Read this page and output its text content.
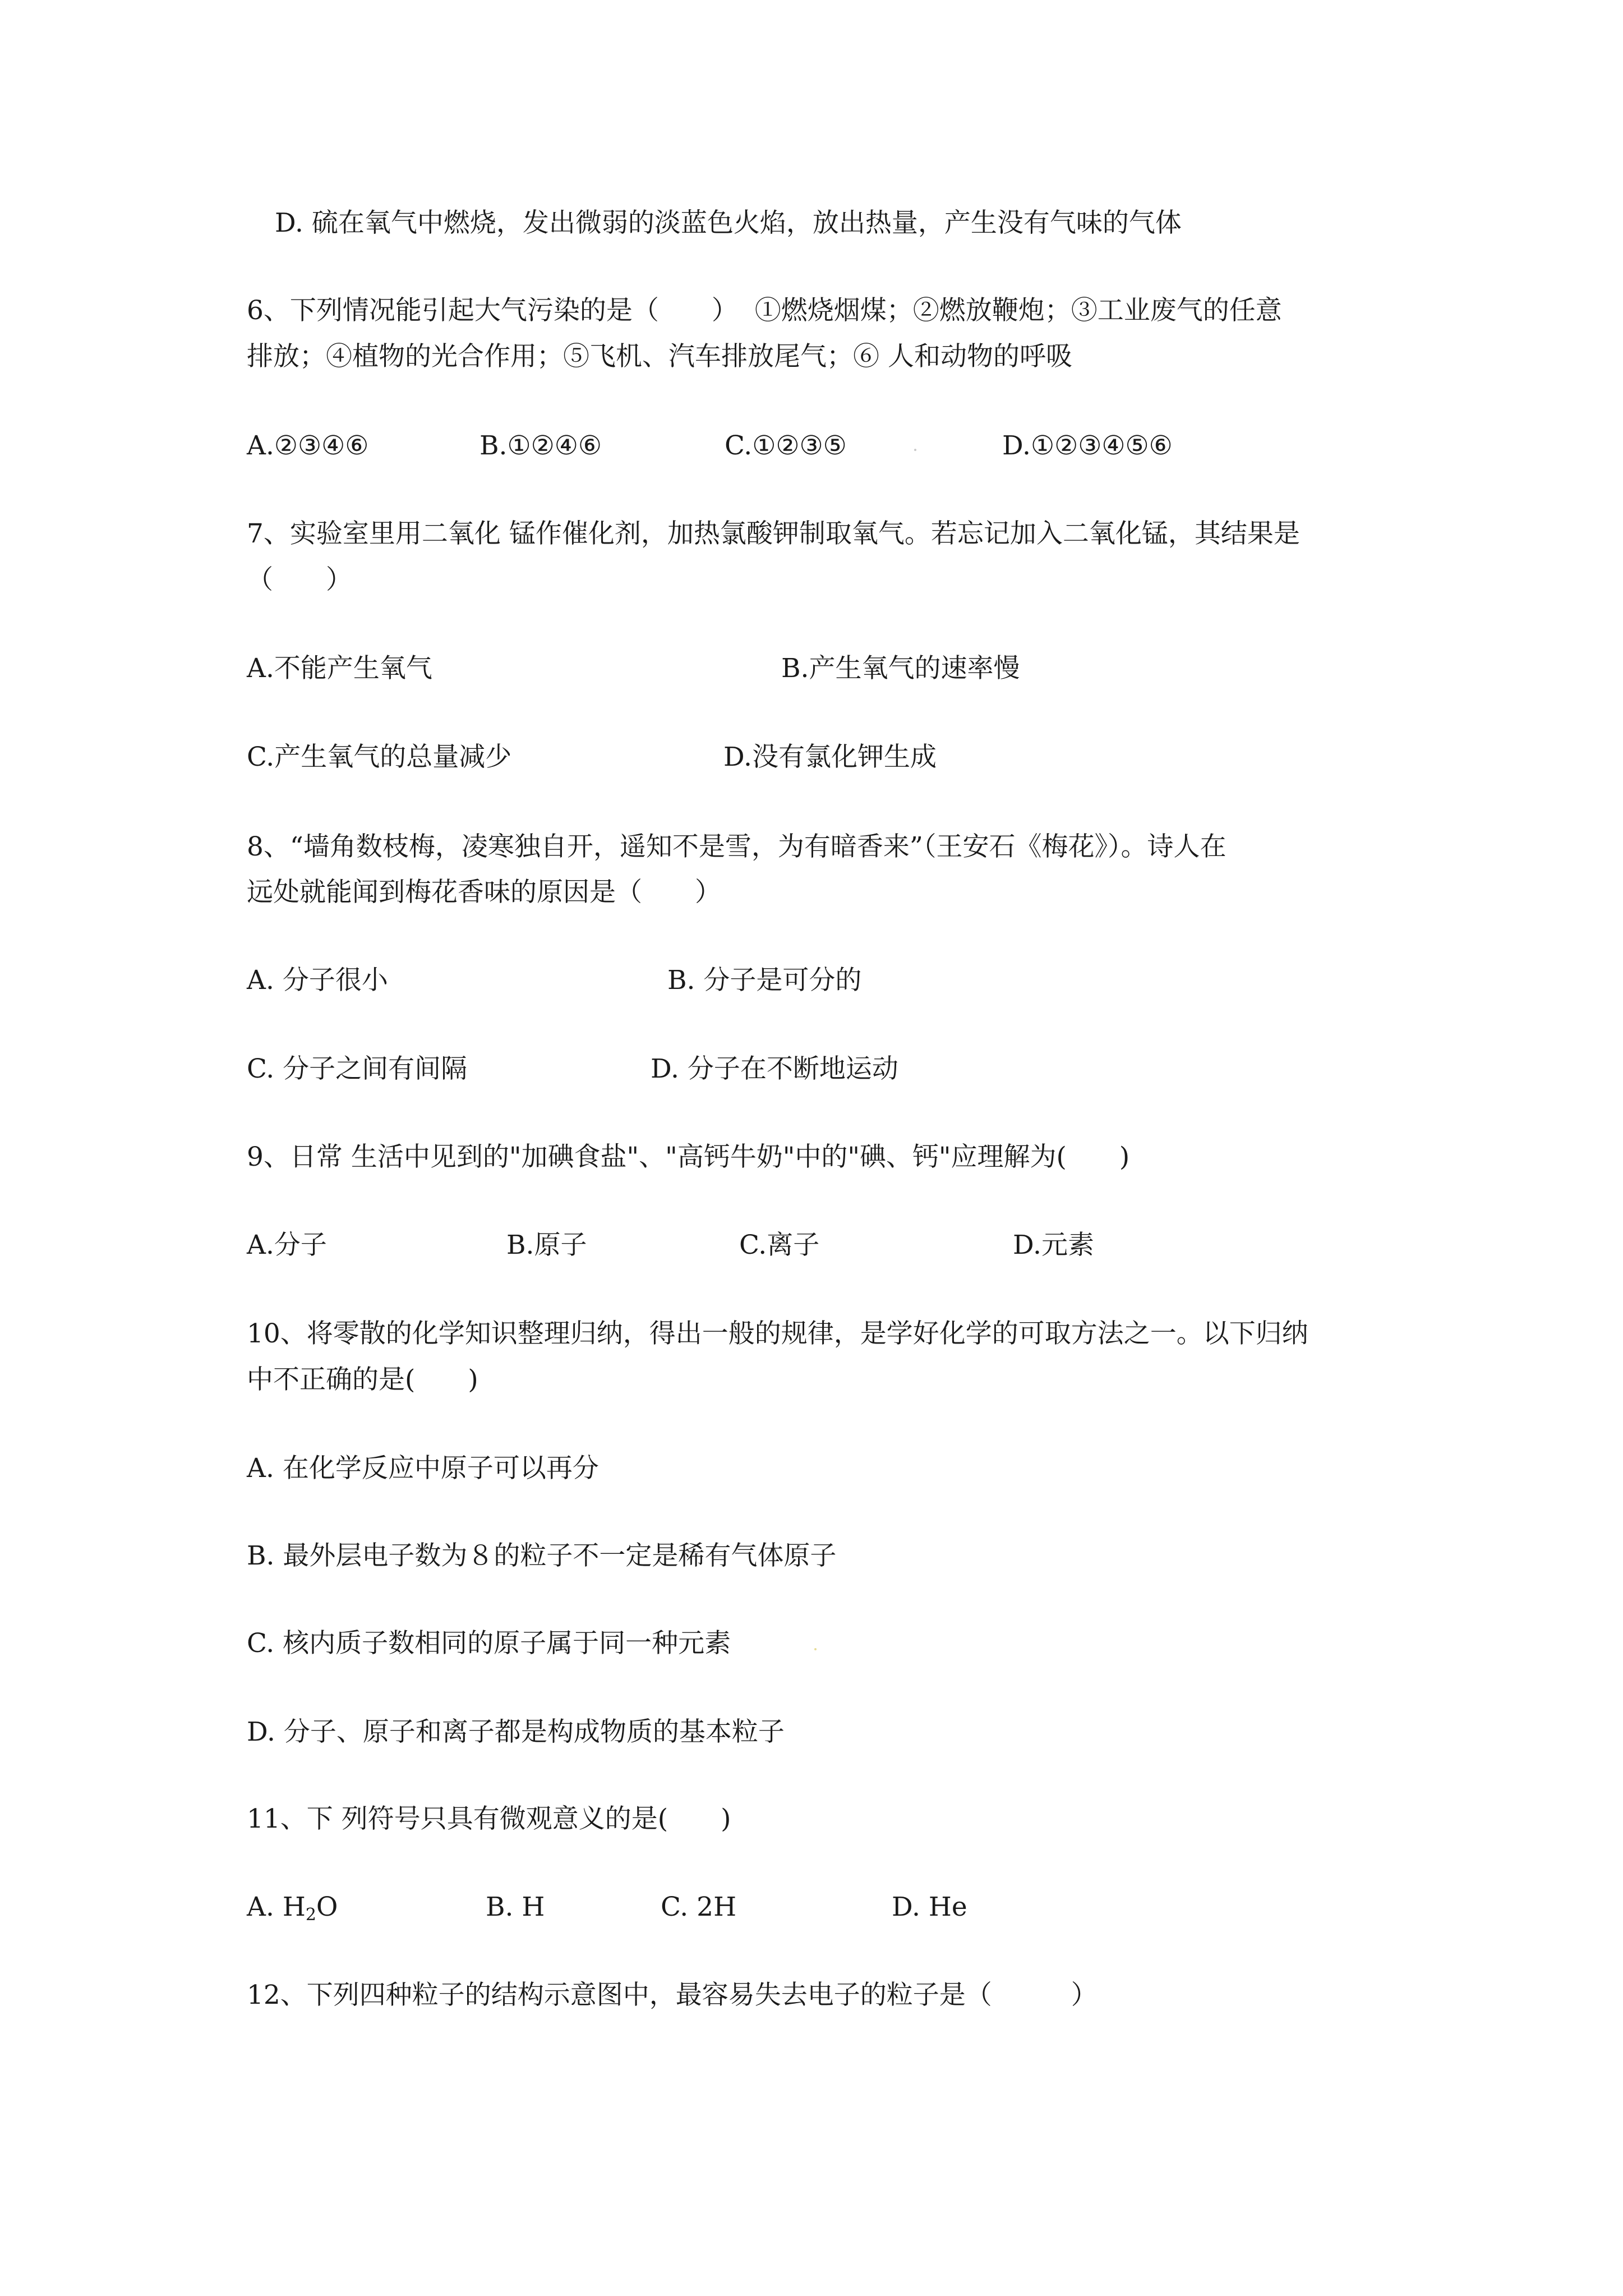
D. 硫在氧气中燃烧，发出微弱的淡蓝色火焰，放出热量，产生没有气味的气体
6、下列情况能引起大气污染的是（　　）  ①燃烧烟煤；②燃放鞭炮；③工业废气的任意
排放；④植物的光合作用；⑤飞机、汽车排放尾气；⑥ 人和动物的呼吸
A.②③④⑥	B.①②④⑥	C.①②③⑤	D.①②③④⑤⑥
7、实验室里用二氧化 锰作催化剂，加热氯酸钾制取氧气。若忘记加入二氧化锰，其结果是
（　　）
A.不能产生氧气	B.产生氧气的速率慢
C.产生氧气的总量减少	D.没有氯化钾生成
8、“墙角数枝梅，凌寒独自开，遥知不是雪，为有暗香来”（王安石《梅花》）。诗人在
远处就能闻到梅花香味的原因是（　　）
A. 分子很小	B. 分子是可分的
C. 分子之间有间隔	D. 分子在不断地运动
9、日常 生活中见到的"加碘食盐"、"高钙牛奶"中的"碘、钙"应理解为(　　)
A.分子	B.原子	C.离子	D.元素
10、将零散的化学知识整理归纳，得出一般的规律，是学好化学的可取方法之一。以下归纳
中不正确的是(　　)
A. 在化学反应中原子可以再分
B. 最外层电子数为８的粒子不一定是稀有气体原子
C. 核内质子数相同的原子属于同一种元素
D. 分子、原子和离子都是构成物质的基本粒子
11、下 列符号只具有微观意义的是(　　)
A. $H_2O$	B. H	C. 2H	D. He
12、下列四种粒子的结构示意图中，最容易失去电子的粒子是（　　　）
